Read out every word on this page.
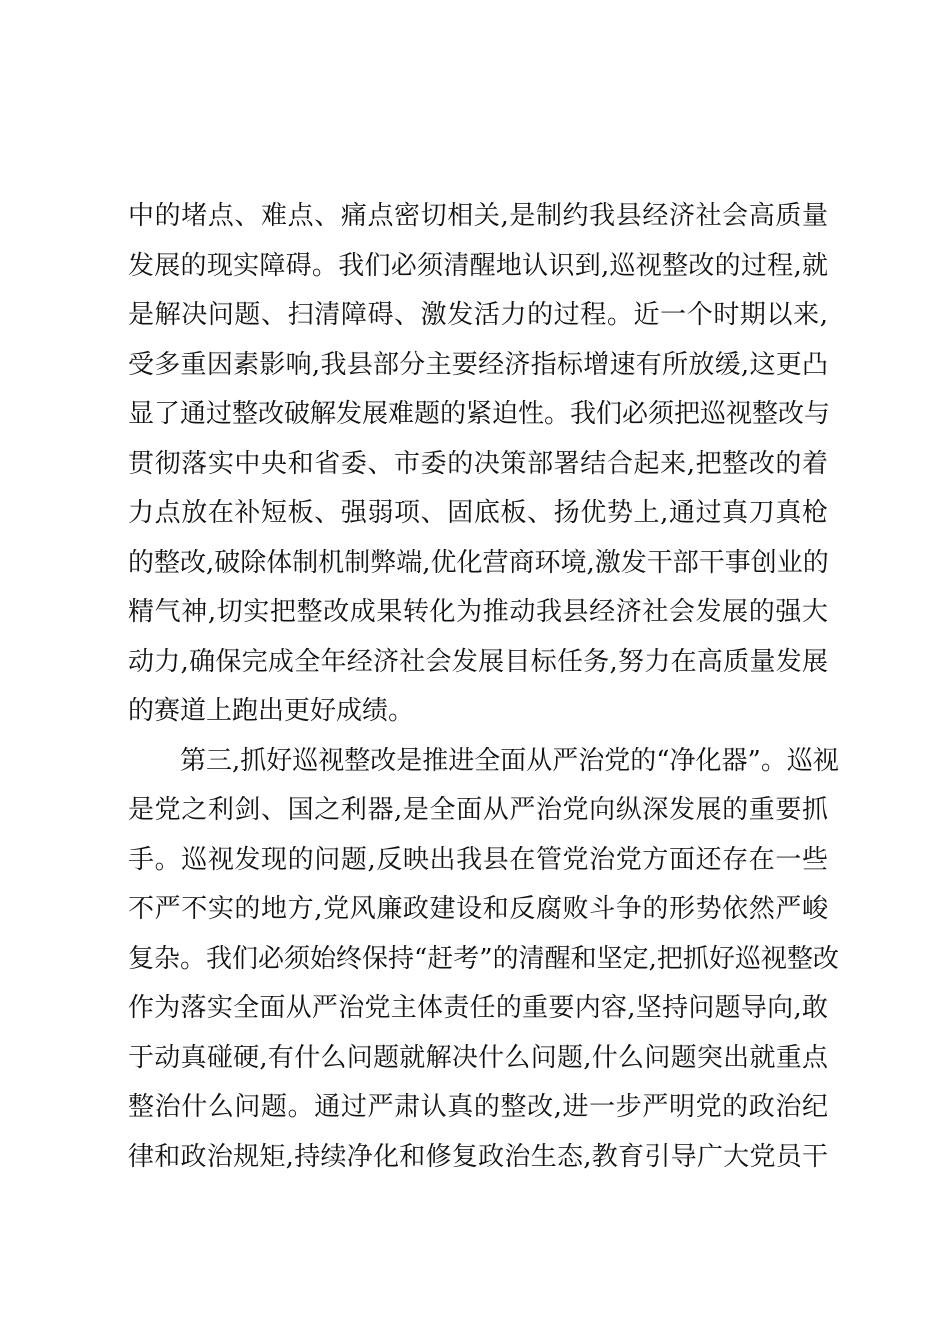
中的堵点、难点、痛点密切相关,是制约我县经济社会高质量
发展的现实障碍。我们必须清醒地认识到,巡视整改的过程,就
是解决问题、扫清障碍、激发活力的过程。近一个时期以来,
受多重因素影响,我县部分主要经济指标增速有所放缓,这更凸
显了通过整改破解发展难题的紧迫性。我们必须把巡视整改与
贯彻落实中央和省委、市委的决策部署结合起来,把整改的着
力点放在补短板、强弱项、固底板、扬优势上,通过真刀真枪
的整改,破除体制机制弊端,优化营商环境,激发干部干事创业的
精气神,切实把整改成果转化为推动我县经济社会发展的强大
动力,确保完成全年经济社会发展目标任务,努力在高质量发展
的赛道上跑出更好成绩。
第三,抓好巡视整改是推进全面从严治党的“净化器”。巡视
是党之利剑、国之利器,是全面从严治党向纵深发展的重要抓
手。巡视发现的问题,反映出我县在管党治党方面还存在一些
不严不实的地方,党风廉政建设和反腐败斗争的形势依然严峻
复杂。我们必须始终保持“赶考”的清醒和坚定,把抓好巡视整改
作为落实全面从严治党主体责任的重要内容,坚持问题导向,敢
于动真碰硬,有什么问题就解决什么问题,什么问题突出就重点
整治什么问题。通过严肃认真的整改,进一步严明党的政治纪
律和政治规矩,持续净化和修复政治生态,教育引导广大党员干
